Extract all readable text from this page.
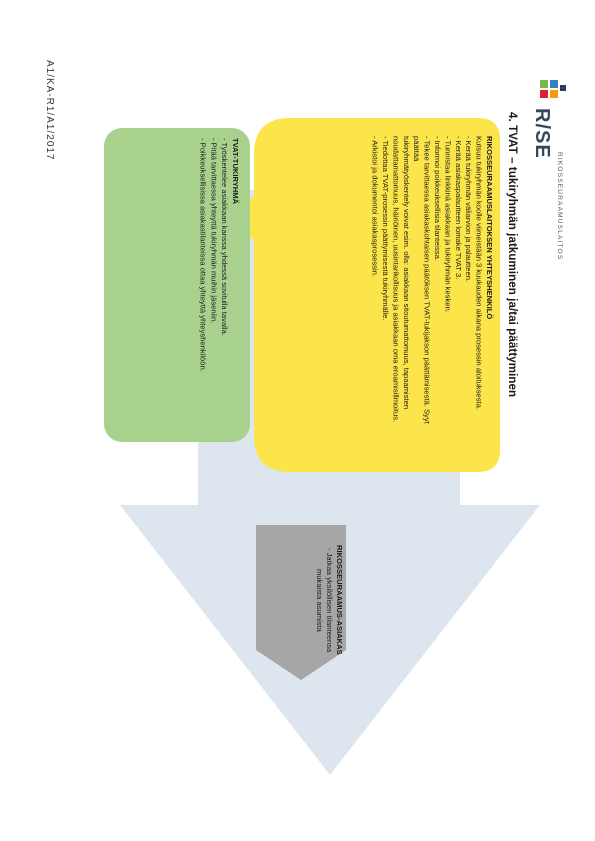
4. TVAT – tukiryhmän jatkuminen ja/tai päättyminen R/SE
RIKOSSEURAAMUSLAITOS
A1/KA-R1/A1/2017

RIKOSSEURAAMUSLAITOKSEN YHTEYSHENKILÖ

Kutsuu tukiryhmän koolle viimeistään 3 kuukauden aikana prosessin aloituksesta.

- Kerää tukiryhmän väliarvion ja palautteen.

- Kerää asiakaspalautteen lomake TVAT 3.

- Tunnistaa linkkinä asiakkaan ja tukiryhmän kesken.

- Informoi poikkeuksellisia tilanteissa.

- Tekee tarvittaessa asiakaskohtaisen päätöksen TVAT-tukijakson päättämisestä. Syyt päättää

tukiryhmätyöskentely voivat esim. olla: asiakkaan sitoutumattomuus, tapaamisten noudattamattomuus, häiriöinen, uusintarikollisuus ja asiakkaan oma eroamisillmoitus.

- Tiedottaa TVAT-prosessin päättymisestä tukiryhmälle.

- Arkistoi ja dokumentoi asiakasprosessin.

TVAT-TUKIRYHMÄ

- Työskentelee asiakkaan kanssa yhdessä sovitulla tavalla.

- Pitää tarvittaessa yhteyttä tukiryhmän muihin jäseniin.

- Poikkeuksellisissa asiakastilanteissa ottaa yhteyttä yhteyshenkilöön.

RIKOSSEURAAMUS-ASIAKAS

- Jatkaa yksilöllisen tilanteensa mukaista asumista
